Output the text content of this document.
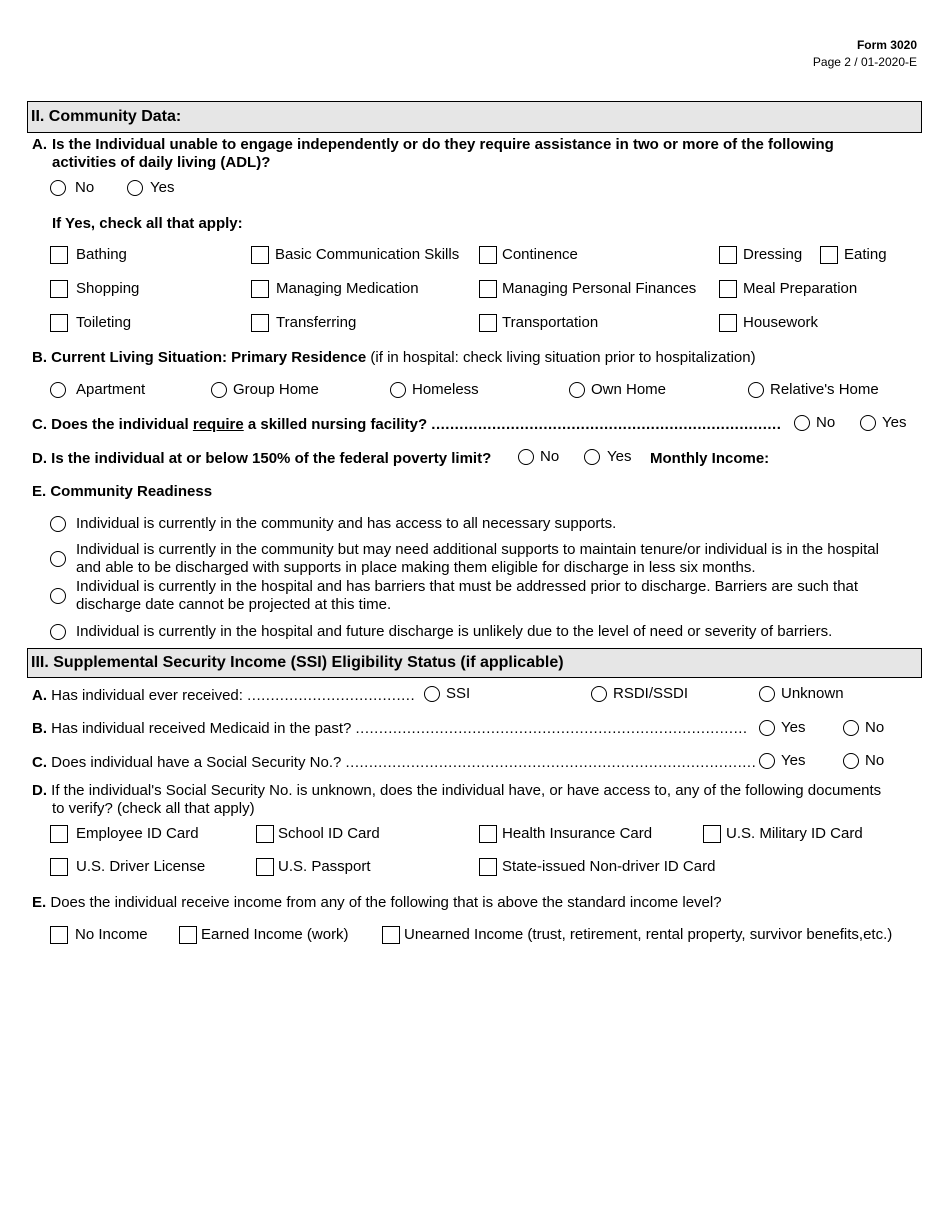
Form 3020
Page 2 / 01-2020-E
II. Community Data:
A. Is the Individual unable to engage independently or do they require assistance in two or more of the following
activities of daily living (ADL)?
No	Yes
If Yes, check all that apply:
Bathing	Basic Communication Skills	Continence	Dressing	Eating
Shopping	Managing Medication	Managing Personal Finances	Meal Preparation
Toileting	Transferring	Transportation	Housework
B. Current Living Situation: Primary Residence (if in hospital: check living situation prior to hospitalization)
Apartment	Group Home	Homeless	Own Home	Relative's Home
C. Does the individual require a skilled nursing facility? ........................................................................... No	Yes
D. Is the individual at or below 150% of the federal poverty limit?	No	Yes Monthly Income:
E. Community Readiness
Individual is currently in the community and has access to all necessary supports.
Individual is currently in the community but may need additional supports to maintain tenure/or individual is in the hospital
and able to be discharged with supports in place making them eligible for discharge in less six months.
Individual is currently in the hospital and has barriers that must be addressed prior to discharge. Barriers are such that
discharge date cannot be projected at this time.
Individual is currently in the hospital and future discharge is unlikely due to the level of need or severity of barriers.
III. Supplemental Security Income (SSI) Eligibility Status (if applicable)
A. Has individual ever received: .................................... SSI	RSDI/SSDI	Unknown
B. Has individual received Medicaid in the past? .................................................................................... Yes	No
C. Does individual have a Social Security No.? ........................................................................................ Yes	No
D. If the individual's Social Security No. is unknown, does the individual have, or have access to, any of the following documents
to verify? (check all that apply)
Employee ID Card	School ID Card	Health Insurance Card	U.S. Military ID Card
U.S. Driver License	U.S. Passport	State-issued Non-driver ID Card
E. Does the individual receive income from any of the following that is above the standard income level?
No Income	Earned Income (work)	Unearned Income (trust, retirement, rental property, survivor benefits,etc.)
